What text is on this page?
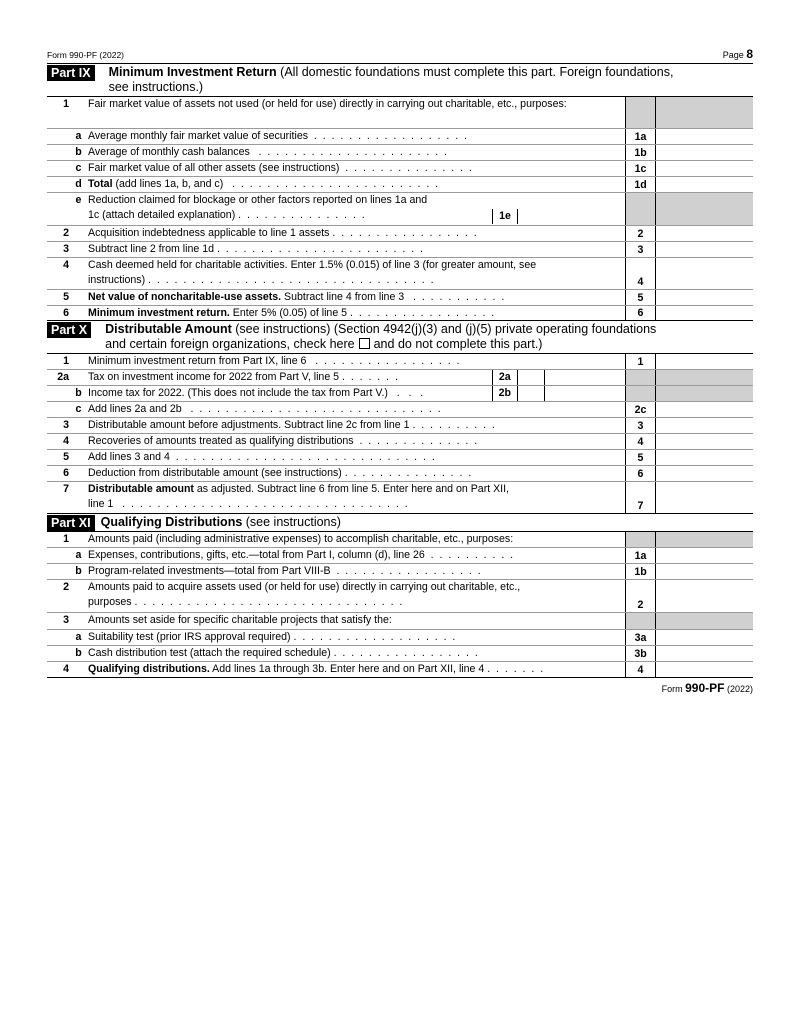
Form 990-PF (2022)	Page 8
Part IX	Minimum Investment Return (All domestic foundations must complete this part. Foreign foundations,
see instructions.)
1	Fair market value of assets not used (or held for use) directly in carrying out charitable, etc., purposes:
a Average monthly fair market value of securities  .  .  .  .  .  .  .  .  .  .  .  .  .  .  .  .  .  .	1a
b Average of monthly cash balances   .  .  .  .  .  .  .  .  .  .  .  .  .  .  .  .  .  .  .  .  .  .	1b
c Fair market value of all other assets (see instructions)  .  .  .  .  .  .  .  .  .  .  .  .  .  .  .	1c
d Total (add lines 1a, b, and c)   .  .  .  .  .  .  .  .  .  .  .  .  .  .  .  .  .  .  .  .  .  .  .  .	1d
e Reduction claimed for blockage or other factors reported on lines 1a and
1c (attach detailed explanation) .  .  .  .  .  .  .  .  .  .  .  .  .  .  .	1e
2	Acquisition indebtedness applicable to line 1 assets .  .  .  .  .  .  .  .  .  .  .  .  .  .  .  .  .	2
3	Subtract line 2 from line 1d .  .  .  .  .  .  .  .  .  .  .  .  .  .  .  .  .  .  .  .  .  .  .  .	3
4	Cash deemed held for charitable activities. Enter 1.5% (0.015) of line 3 (for greater amount, see
instructions) .  .  .  .  .  .  .  .  .  .  .  .  .  .  .  .  .  .  .  .  .  .  .  .  .  .  .  .  .  .  .  .  .	4
5	Net value of noncharitable-use assets. Subtract line 4 from line 3   .  .  .  .  .  .  .  .  .  .  .	5
6	Minimum investment return. Enter 5% (0.05) of line 5 .  .  .  .  .  .  .  .  .  .  .  .  .  .  .  .  .	6
Part X	Distributable Amount (see instructions) (Section 4942(j)(3) and (j)(5) private operating foundations
and certain foreign organizations, check here and do not complete this part.)
1	Minimum investment return from Part IX, line 6   .  .  .  .  .  .  .  .  .  .  .  .  .  .  .  .  .	1
2a	Tax on investment income for 2022 from Part V, line 5 .  .  .  .  .  .  .	2a
b Income tax for 2022. (This does not include the tax from Part V.)   .   .   .	2b
c Add lines 2a and 2b   .  .  .  .  .  .  .  .  .  .  .  .  .  .  .  .  .  .  .  .  .  .  .  .  .  .  .  .  .	2c
3	Distributable amount before adjustments. Subtract line 2c from line 1 .  .  .  .  .  .  .  .  .  .	3
4	Recoveries of amounts treated as qualifying distributions  .  .  .  .  .  .  .  .  .  .  .  .  .  .	4
5	Add lines 3 and 4  .  .  .  .  .  .  .  .  .  .  .  .  .  .  .  .  .  .  .  .  .  .  .  .  .  .  .  .  .  .	5
6	Deduction from distributable amount (see instructions) .  .  .  .  .  .  .  .  .  .  .  .  .  .  .	6
7	Distributable amount as adjusted. Subtract line 6 from line 5. Enter here and on Part XII,
line 1   .  .  .  .  .  .  .  .  .  .  .  .  .  .  .  .  .  .  .  .  .  .  .  .  .  .  .  .  .  .  .  .  .	7
Part XI Qualifying Distributions (see instructions)
1	Amounts paid (including administrative expenses) to accomplish charitable, etc., purposes:
a Expenses, contributions, gifts, etc.—total from Part I, column (d), line 26  .  .  .  .  .  .  .  .  .  .	1a
b Program-related investments—total from Part VIII-B  .  .  .  .  .  .  .  .  .  .  .  .  .  .  .  .  .	1b
2	Amounts paid to acquire assets used (or held for use) directly in carrying out charitable, etc.,
purposes .  .  .  .  .  .  .  .  .  .  .  .  .  .  .  .  .  .  .  .  .  .  .  .  .  .  .  .  .  .  .	2
3	Amounts set aside for specific charitable projects that satisfy the:
a Suitability test (prior IRS approval required) .  .  .  .  .  .  .  .  .  .  .  .  .  .  .  .  .  .  .	3a
b Cash distribution test (attach the required schedule) .  .  .  .  .  .  .  .  .  .  .  .  .  .  .  .  .	3b
4	Qualifying distributions. Add lines 1a through 3b. Enter here and on Part XII, line 4 .  .  .  .  .  .  .	4
Form 990-PF (2022)
